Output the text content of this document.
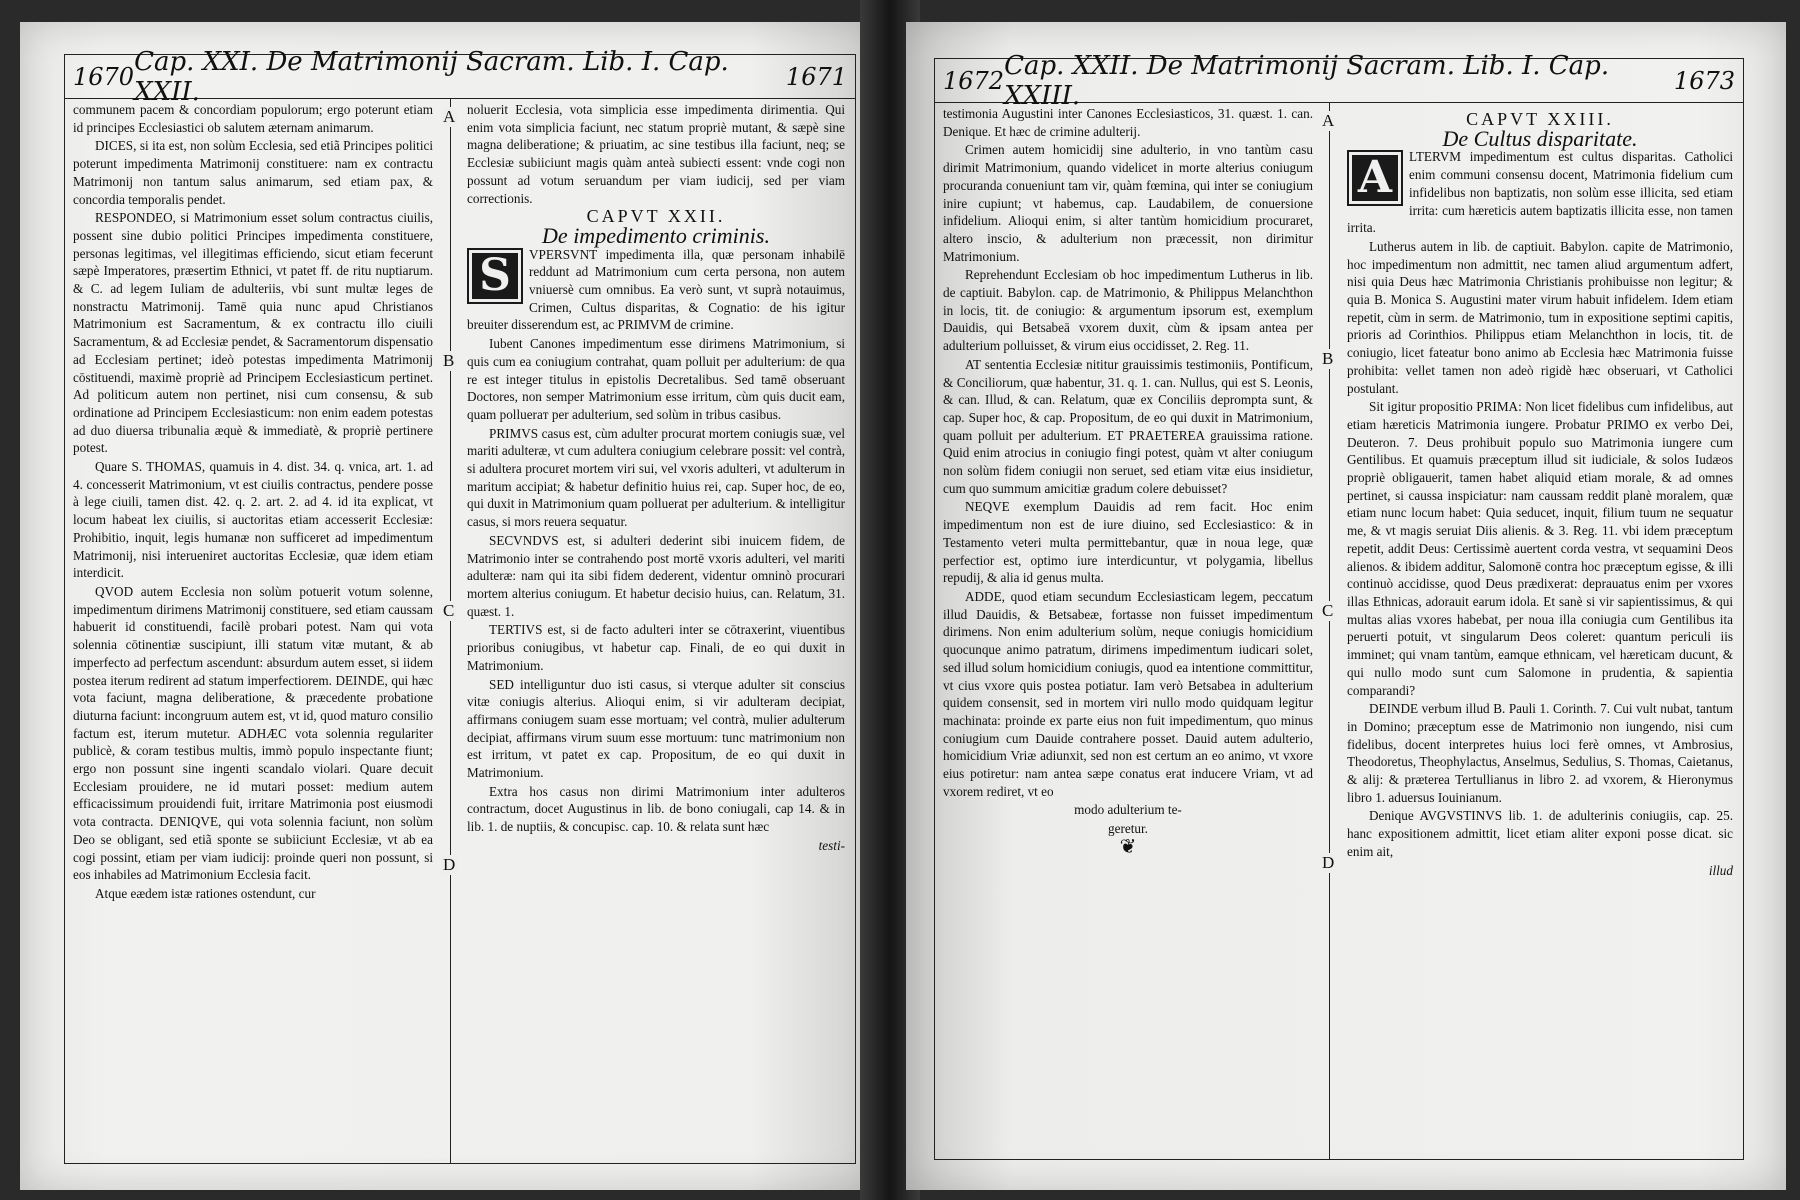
1670 Cap. XXI. De Matrimonij Sacram. Lib. I. Cap. XXII.	1671
A
B
C
D

communem pacem & concordiam populorum; ergo poterunt etiam id principes Ecclesiastici ob salutem æternam animarum.

DICES, si ita est, non solùm Ecclesia, sed etiã Principes politici poterunt impedimenta Matrimonij constituere: nam ex contractu Matrimonij non tantum salus animarum, sed etiam pax, & concordia temporalis pendet.

RESPONDEO, si Matrimonium esset solum contractus ciuilis, possent sine dubio politici Principes impedimenta constituere, personas legitimas, vel illegitimas efficiendo, sicut etiam fecerunt sæpè Imperatores, præsertim Ethnici, vt patet ff. de ritu nuptiarum. & C. ad legem Iuliam de adulteriis, vbi sunt multæ leges de nonstractu Matrimonij. Tamē quia nunc apud Christianos Matrimonium est Sacramentum, & ex contractu illo ciuili Sacramentum, & ad Ecclesiæ pendet, & Sacramentorum dispensatio ad Ecclesiam pertinet; ideò potestas impedimenta Matrimonij cōstituendi, maximè propriè ad Principem Ecclesiasticum pertinet. Ad politicum autem non pertinet, nisi cum consensu, & sub ordinatione ad Principem Ecclesiasticum: non enim eadem potestas ad duo diuersa tribunalia æquè & immediatè, & propriè pertinere potest.

Quare S. THOMAS, quamuis in 4. dist. 34. q. vnica, art. 1. ad 4. concesserit Matrimonium, vt est ciuilis contractus, pendere posse à lege ciuili, tamen dist. 42. q. 2. art. 2. ad 4. id ita explicat, vt locum habeat lex ciuilis, si auctoritas etiam accesserit Ecclesiæ: Prohibitio, inquit, legis humanæ non sufficeret ad impedimentum Matrimonij, nisi interueniret auctoritas Ecclesiæ, quæ idem etiam interdicit.

QVOD autem Ecclesia non solùm potuerit votum solenne, impedimentum dirimens Matrimonij constituere, sed etiam caussam habuerit id constituendi, facilè probari potest. Nam qui vota solennia cōtinentiæ suscipiunt, illi statum vitæ mutant, & ab imperfecto ad perfectum ascendunt: absurdum autem esset, si iidem postea iterum redirent ad statum imperfectiorem. DEINDE, qui hæc vota faciunt, magna deliberatione, & præcedente probatione diuturna faciunt: incongruum autem est, vt id, quod maturo consilio factum est, iterum mutetur. ADHÆC vota solennia regulariter publicè, & coram testibus multis, immò populo inspectante fiunt; ergo non possunt sine ingenti scandalo violari. Quare decuit Ecclesiam prouidere, ne id mutari posset: medium autem efficacissimum prouidendi fuit, irritare Matrimonia post eiusmodi vota contracta. DENIQVE, qui vota solennia faciunt, non solùm Deo se obligant, sed etiã sponte se subiiciunt Ecclesiæ, vt ab ea cogi possint, etiam per viam iudicij: proinde queri non possunt, si eos inhabiles ad Matrimonium Ecclesia facit.

Atque eædem istæ rationes ostendunt, cur

noluerit Ecclesia, vota simplicia esse impedimenta dirimentia. Qui enim vota simplicia faciunt, nec statum propriè mutant, & sæpè sine magna deliberatione; & priuatim, ac sine testibus illa faciunt, neq; se Ecclesiæ subiiciunt magis quàm anteà subiecti essent: vnde cogi non possunt ad votum seruandum per viam iudicij, sed per viam correctionis.

CAPVT XXII.

De impedimento criminis.

S	VPERSVNT impedimenta illa, quæ personam inhabilē reddunt ad Matrimonium cum certa persona, non autem vniuersè cum omnibus. Ea verò sunt, vt suprà notauimus, Crimen, Cultus disparitas, & Cognatio: de his igitur breuiter disserendum est, ac PRIMVM de crimine.

Iubent Canones impedimentum esse dirimens Matrimonium, si quis cum ea coniugium contrahat, quam polluit per adulterium: de qua re est integer titulus in epistolis Decretalibus. Sed tamē obseruant Doctores, non semper Matrimonium esse irritum, cùm quis ducit eam, quam pollueraт per adulterium, sed solùm in tribus casibus.

PRIMVS casus est, cùm adulter procurat mortem coniugis suæ, vel mariti adulteræ, vt cum adultera coniugium celebrare possit: vel contrà, si adultera procuret mortem viri sui, vel vxoris adulteri, vt adulterum in maritum accipiat; & habetur definitio huius rei, cap. Super hoc, de eo, qui duxit in Matrimonium quam polluerat per adulterium. & intelligitur casus, si mors reuera sequatur.

SECVNDVS est, si adulteri dederint sibi inuicem fidem, de Matrimonio inter se contrahendo post mortē vxoris adulteri, vel mariti adulteræ: nam qui ita sibi fidem dederent, videntur omninò procurari mortem alterius coniugum. Et habetur decisio huius, can. Relatum, 31. quæst. 1.

TERTIVS est, si de facto adulteri inter se cōtraxerint, viuentibus prioribus coniugibus, vt habetur cap. Finali, de eo qui duxit in Matrimonium.

SED intelliguntur duo isti casus, si vterque adulter sit conscius vitæ coniugis alterius. Alioqui enim, si vir adulteram decipiat, affirmans coniugem suam esse mortuam; vel contrà, mulier adulterum decipiat, affirmans virum suum esse mortuum: tunc matrimonium non est irritum, vt patet ex cap. Propositum, de eo qui duxit in Matrimonium.

Extra hos casus non dirimi Matrimonium inter adulteros contractum, docet Augustinus in lib. de bono coniugali, cap 14. & in lib. 1. de nuptiis, & concupisc. cap. 10. & relata sunt hæc

testi-

1672 Cap. XXII. De Matrimonij Sacram. Lib. I. Cap. XXIII.	1673
A
B
C
D

testimonia Augustini inter Canones Ecclesiasticos, 31. quæst. 1. can. Denique. Et hæc de crimine adulterij.

Crimen autem homicidij sine adulterio, in vno tantùm casu dirimit Matrimonium, quando videlicet in morte alterius coniugum procuranda conueniunt tam vir, quàm fœmina, qui inter se coniugium inire cupiunt; vt habemus, cap. Laudabilem, de conuersione infidelium. Alioqui enim, si alter tantùm homicidium procuraret, altero inscio, & adulterium non præcessit, non dirimitur Matrimonium.

Reprehendunt Ecclesiam ob hoc impedimentum Lutherus in lib. de captiuit. Babylon. cap. de Matrimonio, & Philippus Melanchthon in locis, tit. de coniugio: & argumentum ipsorum est, exemplum Dauidis, qui Betsabeā vxorem duxit, cùm & ipsam antea per adulterium polluisset, & virum eius occidisset, 2. Reg. 11.

AT sententia Ecclesiæ nititur grauissimis testimoniis, Pontificum, & Conciliorum, quæ habentur, 31. q. 1. can. Nullus, qui est S. Leonis, & can. Illud, & can. Relatum, quæ ex Conciliis deprompta sunt, & cap. Super hoc, & cap. Propositum, de eo qui duxit in Matrimonium, quam polluit per adulterium. ET PRAETEREA grauissima ratione. Quid enim atrocius in coniugio fingi potest, quàm vt alter coniugum non solùm fidem coniugii non seruet, sed etiam vitæ eius insidietur, cum quo summum amicitiæ gradum colere debuisset?

NEQVE exemplum Dauidis ad rem facit. Hoc enim impedimentum non est de iure diuino, sed Ecclesiastico: & in Testamento veteri multa permittebantur, quæ in noua lege, quæ perfectior est, optimo iure interdicuntur, vt polygamia, libellus repudij, & alia id genus multa.

ADDE, quod etiam secundum Ecclesiasticam legem, peccatum illud Dauidis, & Betsabeæ, fortasse non fuisset impedimentum dirimens. Non enim adulterium solùm, neque coniugis homicidium quocunque animo patratum, dirimens impedimentum iudicari solet, sed illud solum homicidium coniugis, quod ea intentione committitur, vt cius vxore quis postea potiatur. Iam verò Betsabea in adulterium quidem consensit, sed in mortem viri nullo modo quidquam legitur machinata: proinde ex parte eius non fuit impedimentum, quo minus coniugium cum Dauide contrahere posset. Dauid autem adulterio, homicidium Vriæ adiunxit, sed non est certum an eo animo, vt vxore eius potiretur: nam antea sæpe conatus erat inducere Vriam, vt ad vxorem rediret, vt eo

modo adulterium te-

geretur.

❦

CAPVT XXIII.

De Cultus disparitate.

A	LTERVM impedimentum est cultus disparitas. Catholici enim communi consensu docent, Matrimonia fidelium cum infidelibus non baptizatis, non solùm esse illicita, sed etiam irrita: cum hæreticis autem baptizatis illicita esse, non tamen irrita.

Lutherus autem in lib. de captiuit. Babylon. capite de Matrimonio, hoc impedimentum non admittit, nec tamen aliud argumentum adfert, nisi quia Deus hæc Matrimonia Christianis prohibuisse non legitur; & quia B. Monica S. Augustini mater virum habuit infidelem. Idem etiam repetit, cùm in serm. de Matrimonio, tum in expositione septimi capitis, prioris ad Corinthios. Philippus etiam Melanchthon in locis, tit. de coniugio, licet fateatur bono animo ab Ecclesia hæc Matrimonia fuisse prohibita: vellet tamen non adeò rigidè hæc obseruari, vt Catholici postulant.

Sit igitur propositio PRIMA: Non licet fidelibus cum infidelibus, aut etiam hæreticis Matrimonia iungere. Probatur PRIMO ex verbo Dei, Deuteron. 7. Deus prohibuit populo suo Matrimonia iungere cum Gentilibus. Et quamuis præceptum illud sit iudiciale, & solos Iudæos propriè obligauerit, tamen habet aliquid etiam morale, & ad omnes pertinet, si caussa inspiciatur: nam caussam reddit planè moralem, quæ etiam nunc locum habet: Quia seducet, inquit, filium tuum ne sequatur me, & vt magis seruiat Diis alienis. & 3. Reg. 11. vbi idem præceptum repetit, addit Deus: Certissimè auertent corda vestra, vt sequamini Deos alienos. & ibidem additur, Salomonē contra hoc præceptum egisse, & illi continuò accidisse, quod Deus prædixerat: deprauatus enim per vxores illas Ethnicas, adorauit earum idola. Et sanè si vir sapientissimus, & qui multas alias vxores habebat, per noua illa coniugia cum Gentilibus ita peruerti potuit, vt singularum Deos coleret: quantum periculi iis imminet; qui vnam tantùm, eamque ethnicam, vel hæreticam ducunt, & qui nullo modo sunt cum Salomone in prudentia, & sapientia comparandi?

DEINDE verbum illud B. Pauli 1. Corinth. 7. Cui vult nubat, tantum in Domino; præceptum esse de Matrimonio non iungendo, nisi cum fidelibus, docent interpretes huius loci ferè omnes, vt Ambrosius, Theodoretus, Theophylactus, Anselmus, Sedulius, S. Thomas, Caietanus, & alij: & præterea Tertullianus in libro 2. ad vxorem, & Hieronymus libro 1. aduersus Iouinianum.

Denique AVGVSTINVS lib. 1. de adulterinis coniugiis, cap. 25. hanc expositionem admittit, licet etiam aliter exponi posse dicat. sic enim ait,

illud
